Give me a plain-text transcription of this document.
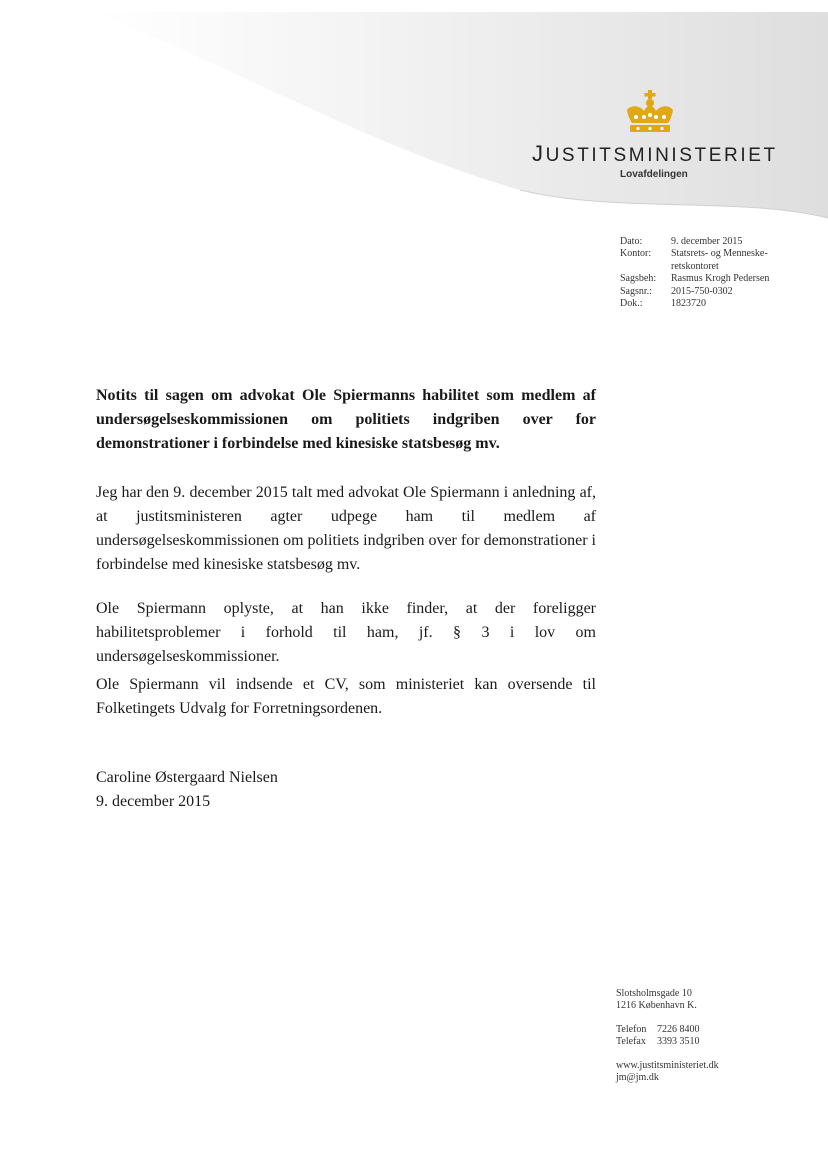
JUSTITSMINISTERIET
Lovafdelingen
Dato:	9. december 2015
Kontor:	Statsrets- og Menneske-
retskontoret
Sagsbeh:	Rasmus Krogh Pedersen
Sagsnr.:	2015-750-0302
Dok.:	1823720

Notits til sagen om advokat Ole Spiermanns habilitet som medlem af undersøgelseskommissionen om politiets indgriben over for demonstrationer i forbindelse med kinesiske statsbesøg mv.

Jeg har den 9. december 2015 talt med advokat Ole Spiermann i anledning af, at justitsministeren agter udpege ham til medlem af undersøgelseskommissionen om politiets indgriben over for demonstrationer i forbindelse med kinesiske statsbesøg mv.

Ole Spiermann oplyste, at han ikke finder, at der foreligger habilitetsproblemer i forhold til ham, jf. § 3 i lov om undersøgelseskommissioner.

Ole Spiermann vil indsende et CV, som ministeriet kan oversende til Folketingets Udvalg for Forretningsordenen.

Caroline Østergaard Nielsen
9. december 2015
Slotsholmsgade 10
1216 København K.
Telefon	7226 8400
Telefax	3393 3510
www.justitsministeriet.dk
jm@jm.dk
